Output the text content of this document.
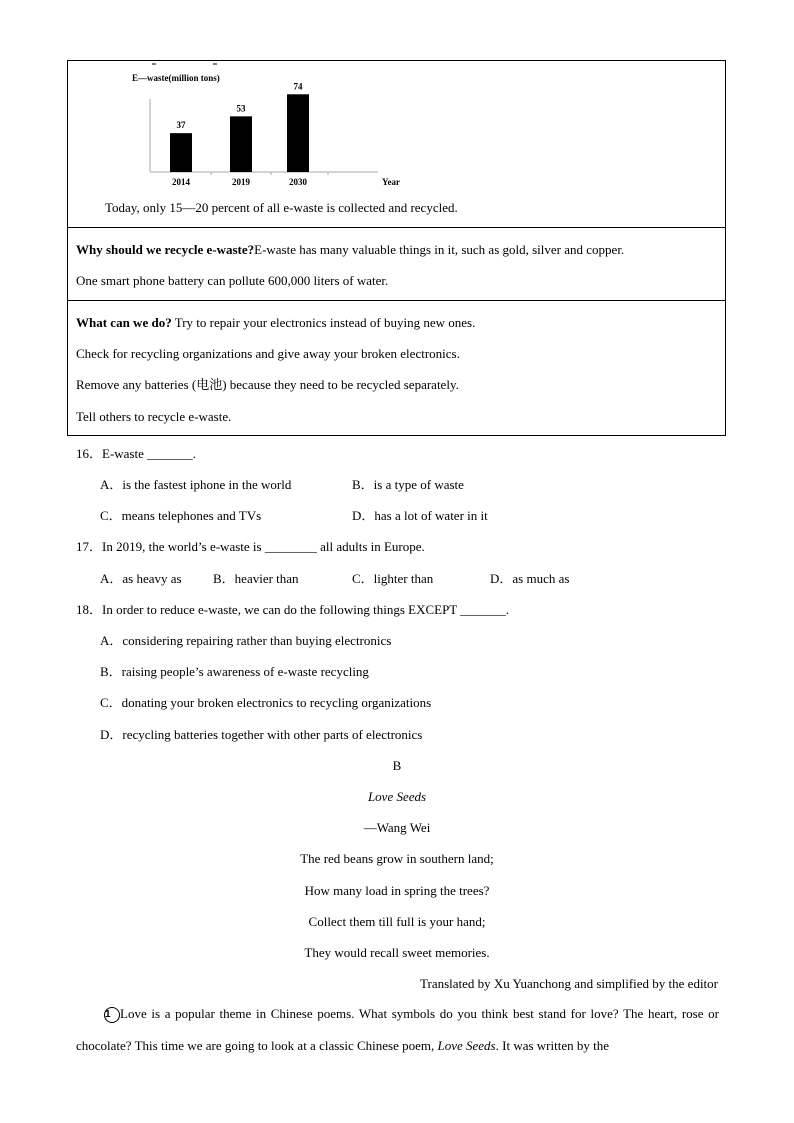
E—waste(million tons)
37
2014
53
2019
74
2030	Year
Today, only 15—20 percent of all e-waste is collected and recycled.
Why should we recycle e-waste?E-waste has many valuable things in it, such as gold, silver and copper.
One smart phone battery can pollute 600,000 liters of water.
What can we do? Try to repair your electronics instead of buying new ones.
Check for recycling organizations and give away your broken electronics.
Remove any batteries (电池) because they need to be recycled separately.
Tell others to recycle e-waste.
16．E-waste _______.
A．is the fastest iphone in the world	B．is a type of waste
C．means telephones and TVs	D．has a lot of water in it
17．In 2019, the world’s e-waste is ________ all adults in Europe.
A．as heavy as B．heavier than	C．lighter than	D．as much as
18．In order to reduce e-waste, we can do the following things EXCEPT _______.
A．considering repairing rather than buying electronics
B．raising people’s awareness of e-waste recycling
C．donating your broken electronics to recycling organizations
D．recycling batteries together with other parts of electronics
B
Love Seeds
—Wang Wei
The red beans grow in southern land;
How many load in spring the trees?
Collect them till full is your hand;
They would recall sweet memories.
Translated by Xu Yuanchong and simplified by the editor
1 Love is a popular theme in Chinese poems. What symbols do you think best stand for love? The heart, rose or chocolate? This time we are going to look at a classic Chinese poem, Love Seeds. It was written by the
